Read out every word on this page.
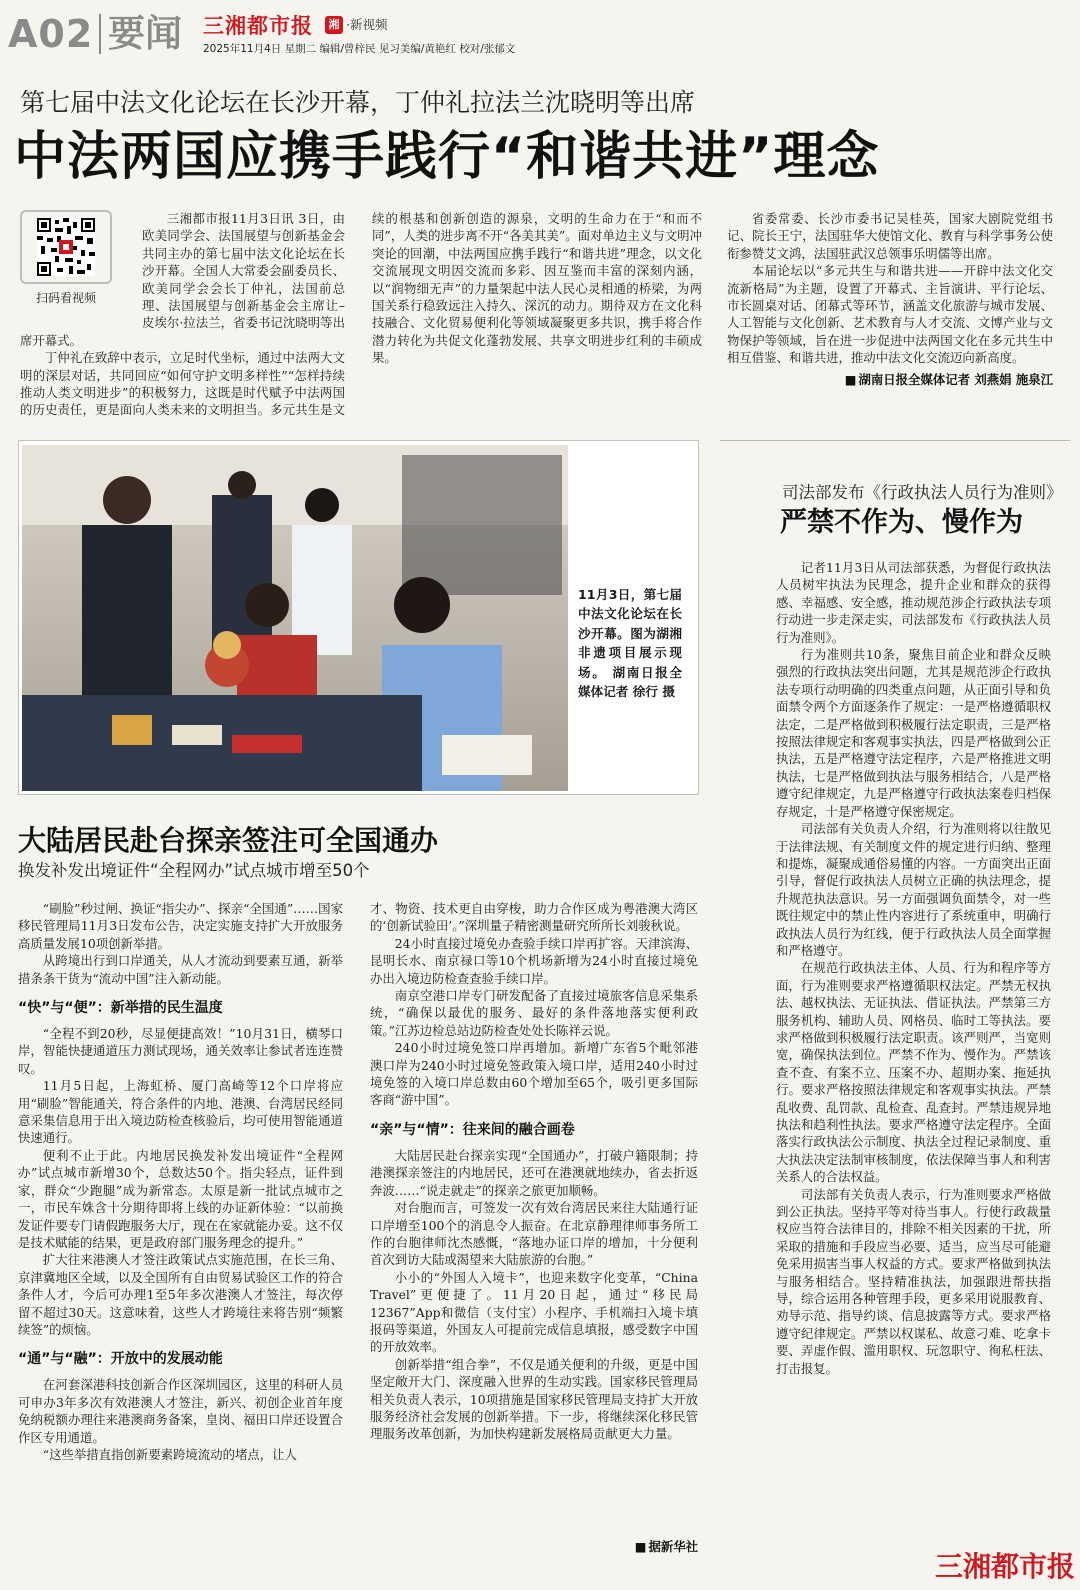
A02 要闻 三湘都市报	湘 ·新视频
2025年11月4日 星期二 编辑/曾梓民 见习美编/黄艳红 校对/张郁文
第七届中法文化论坛在长沙开幕，丁仲礼拉法兰沈晓明等出席
中法两国应携手践行“和谐共进”理念
扫码看视频

三湘都市报11月3日讯 3日，由欧美同学会、法国展望与创新基金会共同主办的第七届中法文化论坛在长沙开幕。全国人大常委会副委员长、欧美同学会会长丁仲礼，法国前总理、法国展望与创新基金会主席让–皮埃尔·拉法兰，省委书记沈晓明等出席开幕式。

丁仲礼在致辞中表示，立足时代坐标，通过中法两大文明的深层对话，共同回应“如何守护文明多样性”“怎样持续推动人类文明进步”的积极努力，这既是时代赋予中法两国的历史责任，更是面向人类未来的文明担当。多元共生是文

续的根基和创新创造的源泉，文明的生命力在于“和而不同”，人类的进步离不开“各美其美”。面对单边主义与文明冲突论的回潮，中法两国应携手践行“和谐共进”理念，以文化交流展现文明因交流而多彩、因互鉴而丰富的深刻内涵，以“润物细无声”的力量架起中法人民心灵相通的桥梁，为两国关系行稳致远注入持久、深沉的动力。期待双方在文化科技融合、文化贸易便利化等领域凝聚更多共识，携手将合作潜力转化为共促文化蓬勃发展、共享文明进步红利的丰硕成果。

省委常委、长沙市委书记吴桂英，国家大剧院党组书记、院长王宁，法国驻华大使馆文化、教育与科学事务公使衔参赞艾文鸿，法国驻武汉总领事乐明儒等出席。

本届论坛以“多元共生与和谐共进——开辟中法文化交流新格局”为主题，设置了开幕式、主旨演讲、平行论坛、市长圆桌对话、闭幕式等环节，涵盖文化旅游与城市发展、人工智能与文化创新、艺术教育与人才交流、文博产业与文物保护等领域，旨在进一步促进中法两国文化在多元共生中相互借鉴、和谐共进，推动中法文化交流迈向新高度。

■ 湖南日报全媒体记者 刘燕娟 施泉江
11月3日，第七届中法文化论坛在长沙开幕。图为湖湘非遗项目展示现场。 湖南日报全媒体记者 徐行 摄
司法部发布《行政执法人员行为准则》
严禁不作为、慢作为

记者11月3日从司法部获悉，为督促行政执法人员树牢执法为民理念，提升企业和群众的获得感、幸福感、安全感，推动规范涉企行政执法专项行动进一步走深走实，司法部发布《行政执法人员行为准则》。

行为准则共10条，聚焦目前企业和群众反映强烈的行政执法突出问题，尤其是规范涉企行政执法专项行动明确的四类重点问题，从正面引导和负面禁令两个方面逐条作了规定：一是严格遵循职权法定，二是严格做到积极履行法定职责，三是严格按照法律规定和客观事实执法，四是严格做到公正执法，五是严格遵守法定程序，六是严格推进文明执法，七是严格做到执法与服务相结合，八是严格遵守纪律规定，九是严格遵守行政执法案卷归档保存规定，十是严格遵守保密规定。

司法部有关负责人介绍，行为准则将以往散见于法律法规、有关制度文件的规定进行归纳、整理和提炼，凝聚成通俗易懂的内容。一方面突出正面引导，督促行政执法人员树立正确的执法理念，提升规范执法意识。另一方面强调负面禁令，对一些既往规定中的禁止性内容进行了系统重申，明确行政执法人员行为红线，便于行政执法人员全面掌握和严格遵守。

在规范行政执法主体、人员、行为和程序等方面，行为准则要求严格遵循职权法定。严禁无权执法、越权执法、无证执法、借证执法。严禁第三方服务机构、辅助人员、网格员、临时工等执法。要求严格做到积极履行法定职责。该严则严，当宽则宽，确保执法到位。严禁不作为、慢作为。严禁该查不查、有案不立、压案不办、超期办案、拖延执行。要求严格按照法律规定和客观事实执法。严禁乱收费、乱罚款、乱检查、乱查封。严禁违规异地执法和趋利性执法。要求严格遵守法定程序。全面落实行政执法公示制度、执法全过程记录制度、重大执法决定法制审核制度，依法保障当事人和利害关系人的合法权益。

司法部有关负责人表示，行为准则要求严格做到公正执法。坚持平等对待当事人。行使行政裁量权应当符合法律目的，排除不相关因素的干扰，所采取的措施和手段应当必要、适当，应当尽可能避免采用损害当事人权益的方式。要求严格做到执法与服务相结合。坚持精准执法，加强跟进帮扶指导，综合运用各种管理手段，更多采用说服教育、劝导示范、指导约谈、信息披露等方式。要求严格遵守纪律规定。严禁以权谋私、故意刁难、吃拿卡要、弄虚作假、滥用职权、玩忽职守、徇私枉法、打击报复。

大陆居民赴台探亲签注可全国通办
换发补发出境证件“全程网办”试点城市增至50个

“刷脸”秒过闸、换证“指尖办”、探亲“全国通”……国家移民管理局11月3日发布公告，决定实施支持扩大开放服务高质量发展10项创新举措。

从跨境出行到口岸通关，从人才流动到要素互通，新举措条条干货为“流动中国”注入新动能。

“快”与“便”：新举措的民生温度

“全程不到20秒，尽显便捷高效！”10月31日，横琴口岸，智能快捷通道压力测试现场，通关效率让参试者连连赞叹。

11月5日起，上海虹桥、厦门高崎等12个口岸将应用“刷脸”智能通关，符合条件的内地、港澳、台湾居民经同意采集信息用于出入境边防检查核验后，均可使用智能通道快速通行。

便利不止于此。内地居民换发补发出境证件“全程网办”试点城市新增30个，总数达50个。指尖轻点，证件到家，群众“少跑腿”成为新常态。太原是新一批试点城市之一，市民车姝含十分期待即将上线的办证新体验：“以前换发证件要专门请假跑服务大厅，现在在家就能办妥。这不仅是技术赋能的结果，更是政府部门服务理念的提升。”

扩大往来港澳人才签注政策试点实施范围，在长三角、京津冀地区全域，以及全国所有自由贸易试验区工作的符合条件人才，今后可办理1至5年多次港澳人才签注，每次停留不超过30天。这意味着，这些人才跨境往来将告别“频繁续签”的烦恼。

“通”与“融”：开放中的发展动能

在河套深港科技创新合作区深圳园区，这里的科研人员可申办3年多次有效港澳人才签注，新兴、初创企业首年度免纳税额办理往来港澳商务备案，皇岗、福田口岸还设置合作区专用通道。

“这些举措直指创新要素跨境流动的堵点，让人

才、物资、技术更自由穿梭，助力合作区成为粤港澳大湾区的‘创新试验田’。”深圳量子精密测量研究所所长刘骏秋说。

24小时直接过境免办查验手续口岸再扩容。天津滨海、昆明长水、南京禄口等10个机场新增为24小时直接过境免办出入境边防检查查验手续口岸。

南京空港口岸专门研发配备了直接过境旅客信息采集系统，“确保以最优的服务、最好的条件落地落实便利政策。”江苏边检总站边防检查处处长陈祥云说。

240小时过境免签口岸再增加。新增广东省5个毗邻港澳口岸为240小时过境免签政策入境口岸，适用240小时过境免签的入境口岸总数由60个增加至65个，吸引更多国际客商“游中国”。

“亲”与“情”：往来间的融合画卷

大陆居民赴台探亲实现“全国通办”，打破户籍限制；持港澳探亲签注的内地居民，还可在港澳就地续办，省去折返奔波……“说走就走”的探亲之旅更加顺畅。

对台胞而言，可签发一次有效台湾居民来往大陆通行证口岸增至100个的消息令人振奋。在北京静理律师事务所工作的台胞律师沈杰感慨，“落地办证口岸的增加，十分便利首次到访大陆或渴望来大陆旅游的台胞。”

小小的“外国人入境卡”，也迎来数字化变革，“China Travel”更便捷了。11月20日起，通过“移民局12367”App和微信（支付宝）小程序、手机端扫入境卡填报码等渠道，外国友人可提前完成信息填报，感受数字中国的开放效率。

创新举措“组合拳”，不仅是通关便利的升级，更是中国坚定敞开大门、深度融入世界的生动实践。国家移民管理局相关负责人表示，10项措施是国家移民管理局支持扩大开放服务经济社会发展的创新举措。下一步，将继续深化移民管理服务改革创新，为加快构建新发展格局贡献更大力量。

■ 据新华社
三湘都市报
